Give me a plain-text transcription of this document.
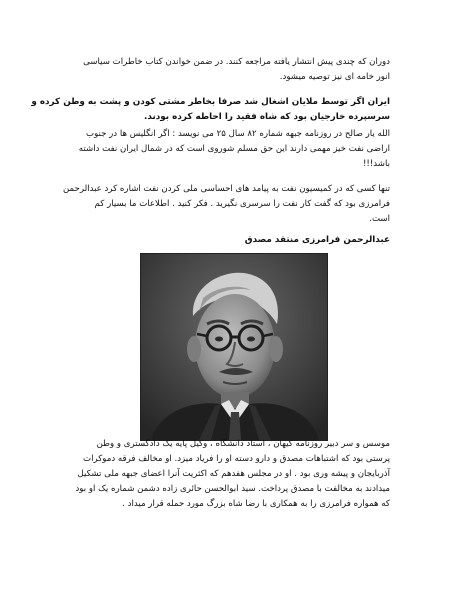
دوران که چندی پیش انتشار یافته مراجعه کنند. در ضمن خواندن کتاب خاطرات سیاسی
انور خامه ای نیز توصیه میشود.

ایران اگر توسط ملایان اشغال شد صرفا بخاطر مشتی کودن و پشت به وطن کرده و
سرسپرده خارجیان بود که شاه فقید را احاطه کرده بودند.

الله یار صالح در روزنامه جبهه شماره ۸۲ سال ۲۵ می نویسد : اگر انگلیس ها در جنوب
اراضی نفت خیز مهمی دارند این حق مسلم شوروی است که در شمال ایران نفت داشته
باشد!!!

تنها کسی که در کمیسیون نفت به پیامد های احساسی ملی کردن نفت اشاره کرد عبدالرحمن
فرامرزی بود که گفت کار نفت را سرسری نگیرید . فکر کنید . اطلاعات ما بسیار کم
است.

عبدالرحمن فرامرزی منتقد مصدق

موسس و سر دبیر روزنامه کیهان ، استاد دانشگاه ، وکیل پایه یک دادگستری و وطن
پرستی بود که اشتباهات مصدق و دارو دسته او را فریاد میزد. او مخالف فرقه دموکرات
آذربایجان و پیشه وری بود . او در مجلس هفدهم که اکثریت آنرا اعضای جبهه ملی تشکیل
میدادند به مخالفت با مصدق پرداخت. سید ابوالحسن حائری زاده دشمن شماره یک او بود
که همواره فرامرزی را به همکاری با رضا شاه بزرگ مورد حمله قرار میداد .
